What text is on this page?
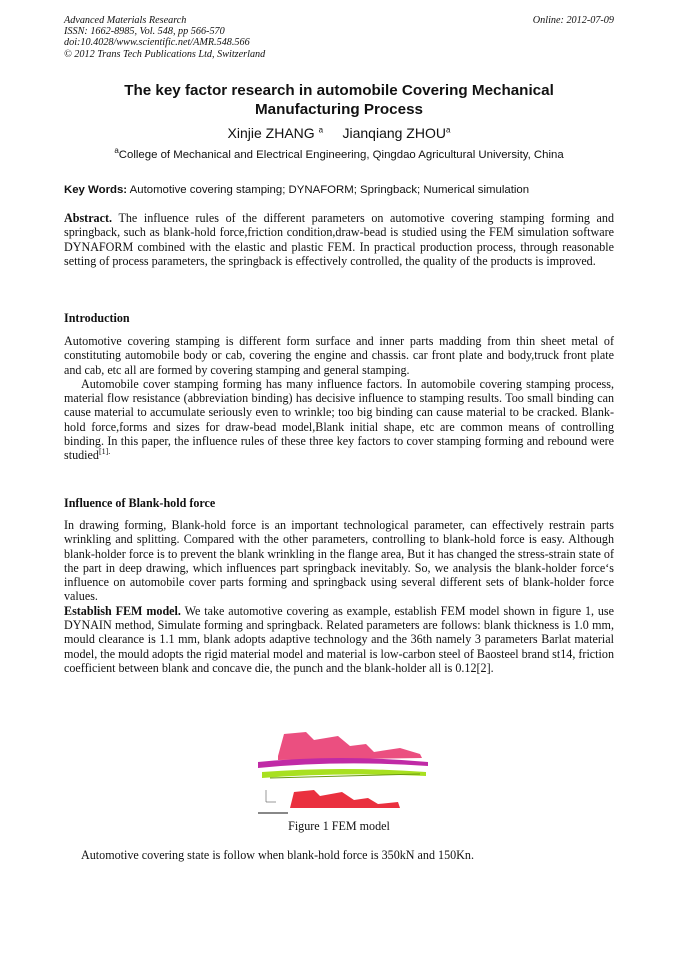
Advanced Materials Research
ISSN: 1662-8985, Vol. 548, pp 566-570
doi:10.4028/www.scientific.net/AMR.548.566
© 2012 Trans Tech Publications Ltd, Switzerland
Online: 2012-07-09
The key factor research in automobile Covering Mechanical
Manufacturing Process
Xinjie ZHANG $^a$ Jianqiang ZHOU$^a$
$^a$College of Mechanical and Electrical Engineering, Qingdao Agricultural University, China
Key Words: Automotive covering stamping; DYNAFORM; Springback; Numerical simulation
Abstract. The influence rules of the different parameters on automotive covering stamping forming and springback, such as blank-hold force,friction condition,draw-bead is studied using the FEM simulation software DYNAFORM combined with the elastic and plastic FEM. In practical production process, through reasonable setting of process parameters, the springback is effectively controlled, the quality of the products is improved.
Introduction
Automotive covering stamping is different form surface and inner parts madding from thin sheet metal of constituting automobile body or cab, covering the engine and chassis. car front plate and body,truck front plate and cab, etc all are formed by covering stamping and general stamping.
Automobile cover stamping forming has many influence factors. In automobile covering stamping process, material flow resistance (abbreviation binding) has decisive influence to stamping results. Too small binding can cause material to accumulate seriously even to wrinkle; too big binding can cause material to be cracked. Blank-hold force,forms and sizes for draw-bead model,Blank initial shape, etc are common means of controlling binding. In this paper, the influence rules of these three key factors to cover stamping forming and rebound were studied$^{[1].}$
Influence of Blank-hold force
In drawing forming, Blank-hold force is an important technological parameter, can effectively restrain parts wrinkling and splitting. Compared with the other parameters, controlling to blank-hold force is easy. Although blank-holder force is to prevent the blank wrinkling in the flange area, But it has changed the stress-strain state of the part in deep drawing, which influences part springback inevitably. So, we analysis the blank-holder force‘s influence on automobile cover parts forming and springback using several different sets of blank-holder force values.
Establish FEM model. We take automotive covering as example, establish FEM model shown in figure 1, use DYNAIN method, Simulate forming and springback. Related parameters are follows: blank thickness is 1.0 mm, mould clearance is 1.1 mm, blank adopts adaptive technology and the 36th namely 3 parameters Barlat material model, the mould adopts the rigid material model and material is low-carbon steel of Baosteel brand st14, friction coefficient between blank and concave die, the punch and the blank-holder all is 0.12[2].
Figure 1 FEM model
Automotive covering state is follow when blank-hold force is 350kN and 150Kn.
